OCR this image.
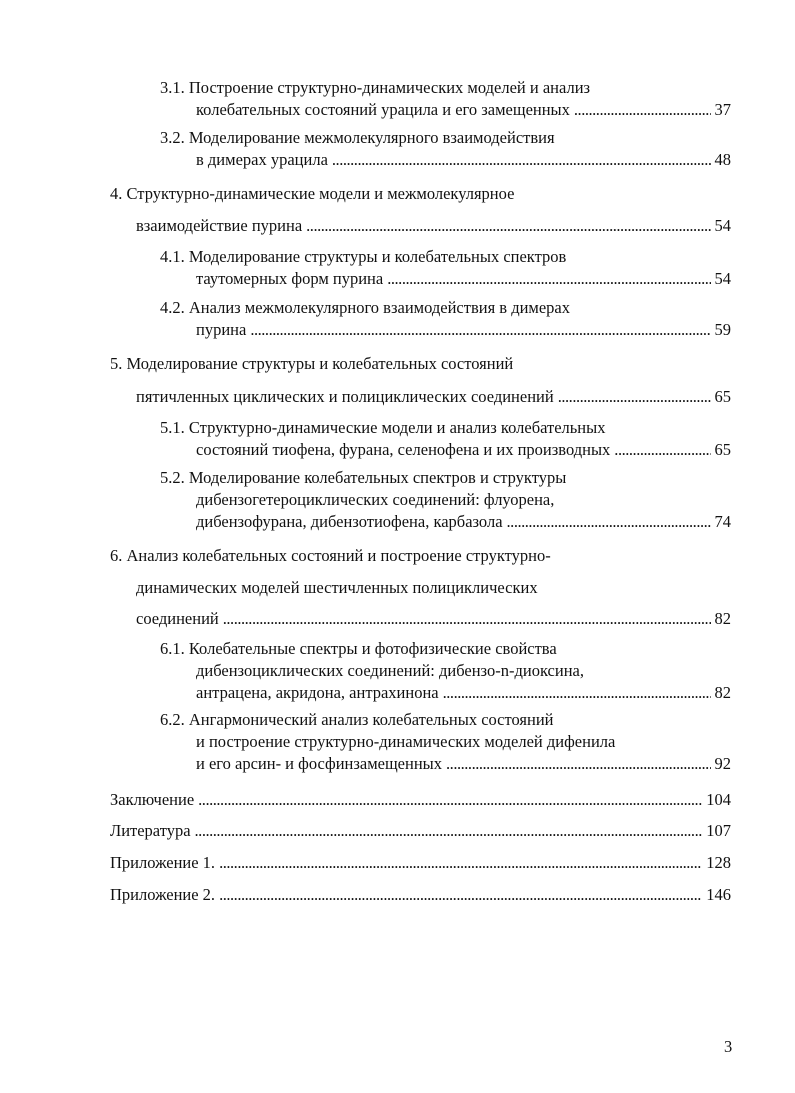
3.1. Построение структурно-динамических моделей и анализ
колебательных состояний урацила и его замещенных . . .	37
3.2. Моделирование межмолекулярного взаимодействия
в димерах урацила . . .	48
4. Структурно-динамические модели и межмолекулярное
взаимодействие пурина . . .	54
4.1. Моделирование структуры и колебательных спектров
таутомерных форм пурина . . .	54
4.2. Анализ межмолекулярного взаимодействия в димерах
пурина . . .	59
5. Моделирование структуры и колебательных состояний
пятичленных циклических и полициклических соединений . . .	65
5.1. Структурно-динамические модели и анализ колебательных
состояний тиофена, фурана, селенофена и их производных . . .	65
5.2. Моделирование колебательных спектров и структуры
дибензогетероциклических соединений: флуорена,
дибензофурана, дибензотиофена, карбазола . . .	74
6. Анализ колебательных состояний и построение структурно-
динамических моделей шестичленных полициклических
соединений . . .	82
6.1. Колебательные спектры и фотофизические свойства
дибензоциклических соединений: дибензо-n-диоксина,
антрацена, акридона, антрахинона . . .	82
6.2. Ангармонический анализ колебательных состояний
и построение структурно-динамических моделей дифенила
и его арсин- и фосфинзамещенных . . .	92
Заключение . . .	104
Литература . . .	107
Приложение 1. . . .	128
Приложение 2. . . .	146
3
